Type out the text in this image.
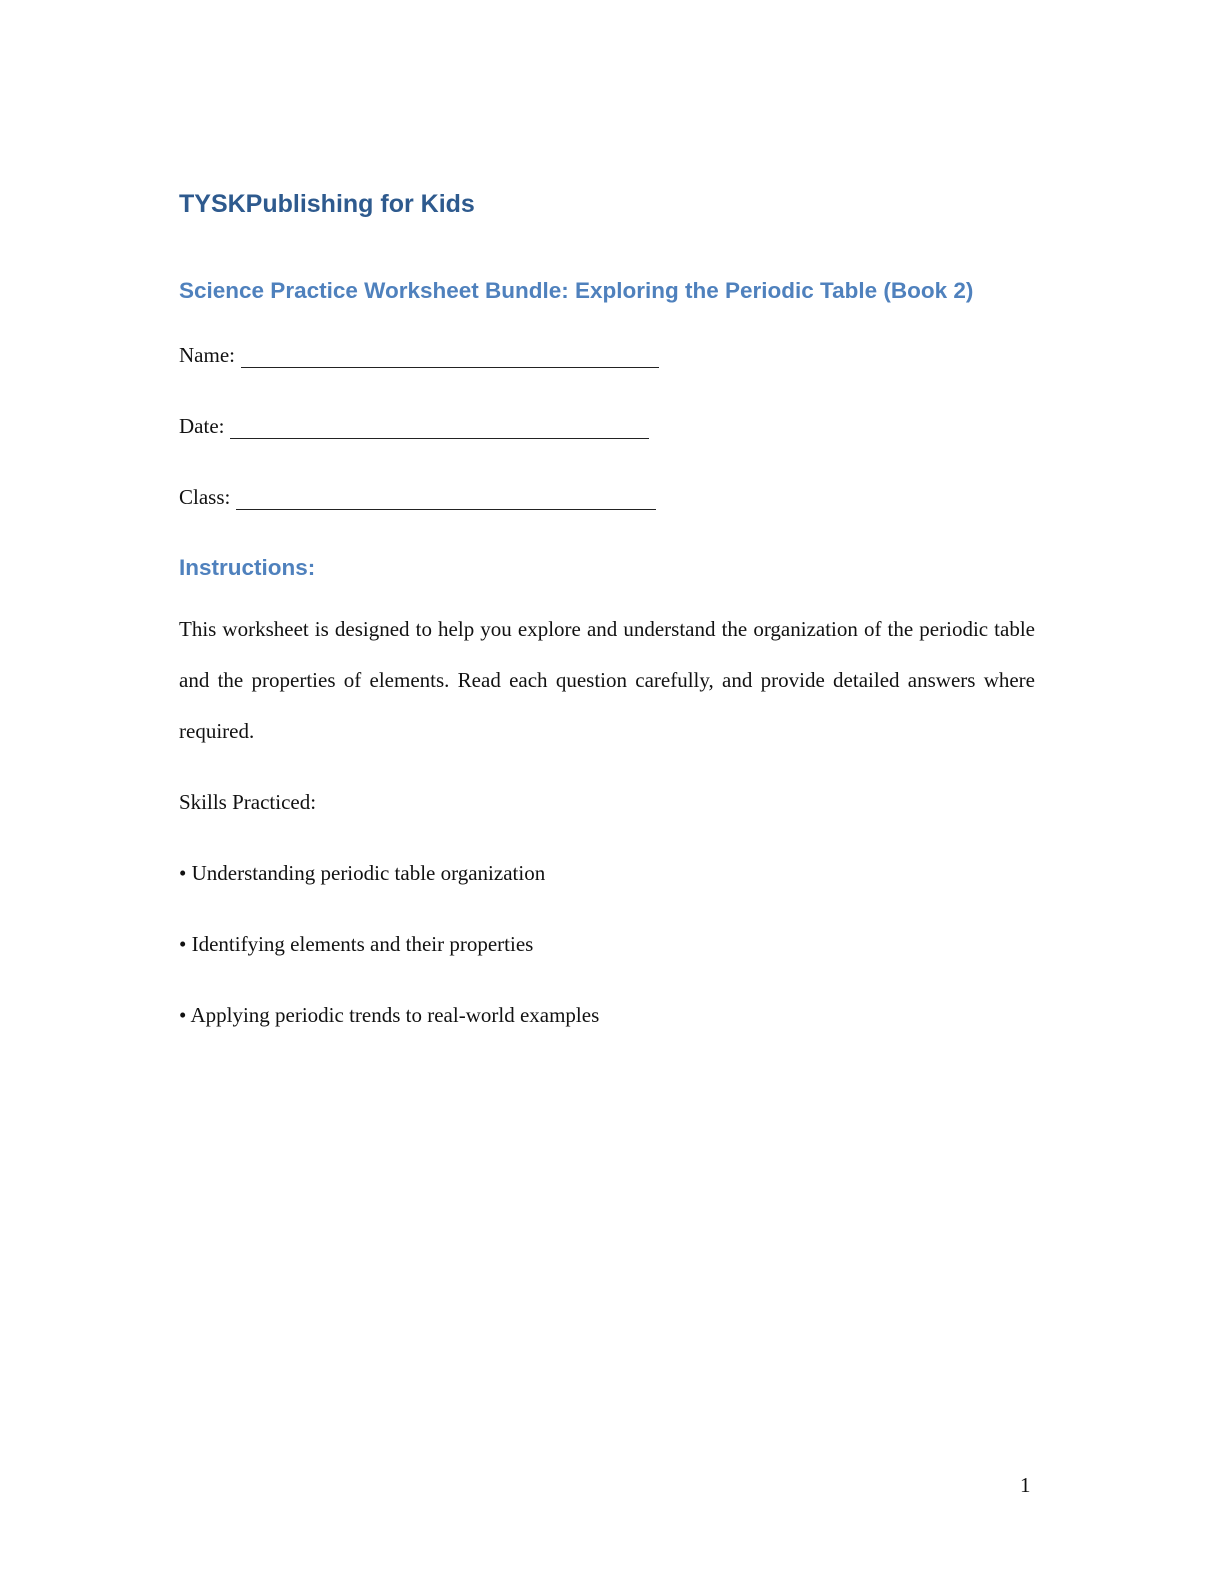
TYSKPublishing for Kids
Science Practice Worksheet Bundle: Exploring the Periodic Table (Book 2)
Name:
Date:
Class:
Instructions:
This worksheet is designed to help you explore and understand the organization of the periodic table and the properties of elements. Read each question carefully, and provide detailed answers where required.
Skills Practiced:
• Understanding periodic table organization
• Identifying elements and their properties
• Applying periodic trends to real-world examples
1
